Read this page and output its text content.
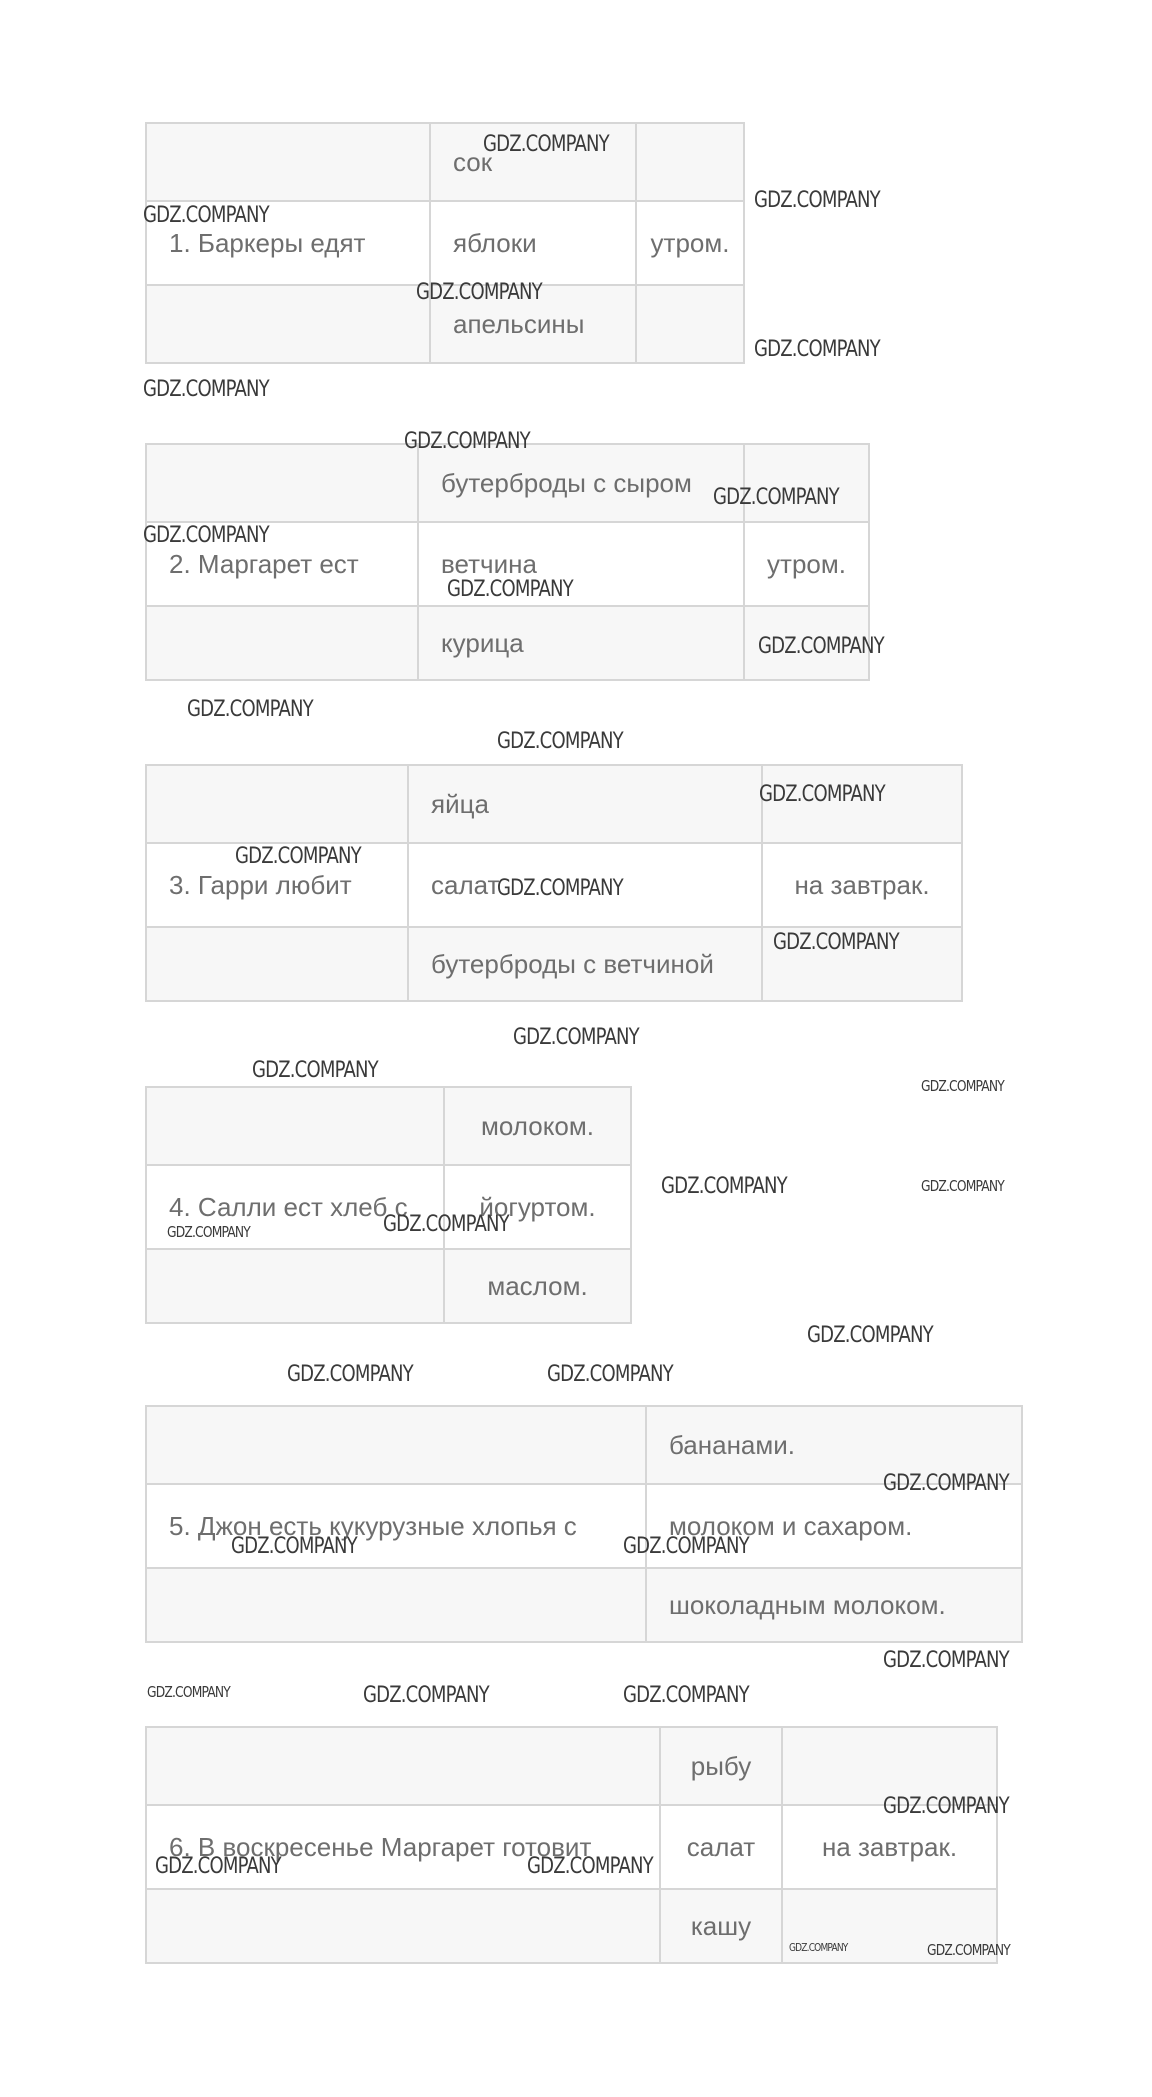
	сок	
1. Баркеры едят	яблоки	утром.
	апельсины	
	бутерброды с сыром	
2. Маргарет ест	ветчина	утром.
	курица	
	яйца	
3. Гарри любит	салат	на завтрак.
	бутерброды с ветчиной	
	молоком.
4. Салли ест хлеб с	йогуртом.
	маслом.
	бананами.
5. Джон есть кукурузные хлопья с	молоком и сахаром.
	шоколадным молоком.
	рыбу	
6. В воскресенье Маргарет готовит	салат	на завтрак.
	кашу	
GDZ.COMPANY
GDZ.COMPANY
GDZ.COMPANY
GDZ.COMPANY
GDZ.COMPANY
GDZ.COMPANY
GDZ.COMPANY
GDZ.COMPANY
GDZ.COMPANY
GDZ.COMPANY
GDZ.COMPANY
GDZ.COMPANY
GDZ.COMPANY
GDZ.COMPANY
GDZ.COMPANY
GDZ.COMPANY
GDZ.COMPANY
GDZ.COMPANY
GDZ.COMPANY
GDZ.COMPANY
GDZ.COMPANY	GDZ.COMPANY
GDZ.COMPANY
GDZ.COMPANY
GDZ.COMPANY
GDZ.COMPANY	GDZ.COMPANY
GDZ.COMPANY
GDZ.COMPANY	GDZ.COMPANY
GDZ.COMPANY
GDZ.COMPANY	GDZ.COMPANY	GDZ.COMPANY
GDZ.COMPANY
GDZ.COMPANY	GDZ.COMPANY
GDZ.COMPANY	GDZ.COMPANY
